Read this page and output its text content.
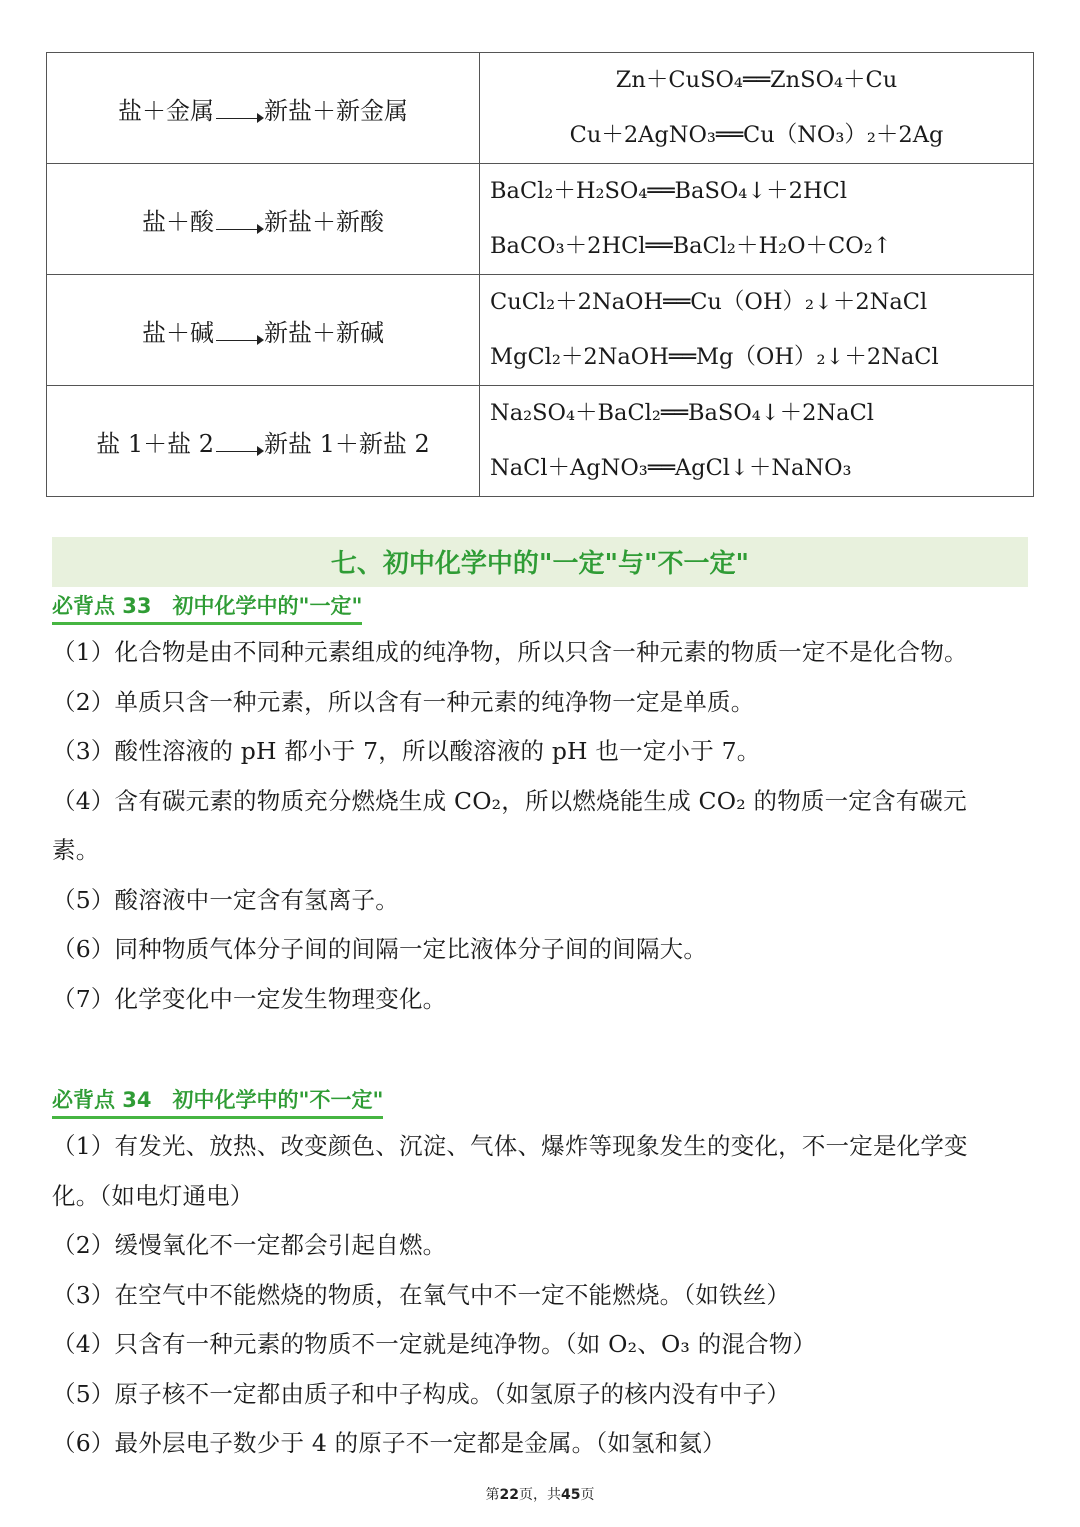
盐＋金属 新盐＋新金属	Zn＋CuSO₄══ZnSO₄＋Cu
Cu＋2AgNO₃══Cu（NO₃）₂＋2Ag

盐＋酸 新盐＋新酸	BaCl₂＋H₂SO₄══BaSO₄↓＋2HCl
BaCO₃＋2HCl══BaCl₂＋H₂O＋CO₂↑

盐＋碱 新盐＋新碱	CuCl₂＋2NaOH══Cu（OH）₂↓＋2NaCl
MgCl₂＋2NaOH══Mg（OH）₂↓＋2NaCl

盐 1＋盐 2 新盐 1＋新盐 2	Na₂SO₄＋BaCl₂══BaSO₄↓＋2NaCl
NaCl＋AgNO₃══AgCl↓＋NaNO₃
七、初中化学中的"一定"与"不一定"
必背点 33　初中化学中的"一定"

（1）化合物是由不同种元素组成的纯净物，所以只含一种元素的物质一定不是化合物。

（2）单质只含一种元素，所以含有一种元素的纯净物一定是单质。

（3）酸性溶液的 pH 都小于 7，所以酸溶液的 pH 也一定小于 7。

（4）含有碳元素的物质充分燃烧生成 CO₂，所以燃烧能生成 CO₂ 的物质一定含有碳元素。

（5）酸溶液中一定含有氢离子。

（6）同种物质气体分子间的间隔一定比液体分子间的间隔大。

（7）化学变化中一定发生物理变化。

必背点 34　初中化学中的"不一定"

（1）有发光、放热、改变颜色、沉淀、气体、爆炸等现象发生的变化，不一定是化学变化。（如电灯通电）

（2）缓慢氧化不一定都会引起自燃。

（3）在空气中不能燃烧的物质，在氧气中不一定不能燃烧。（如铁丝）

（4）只含有一种元素的物质不一定就是纯净物。（如 O₂、O₃ 的混合物）

（5）原子核不一定都由质子和中子构成。（如氢原子的核内没有中子）

（6）最外层电子数少于 4 的原子不一定都是金属。（如氢和氦）

第22页，共45页
